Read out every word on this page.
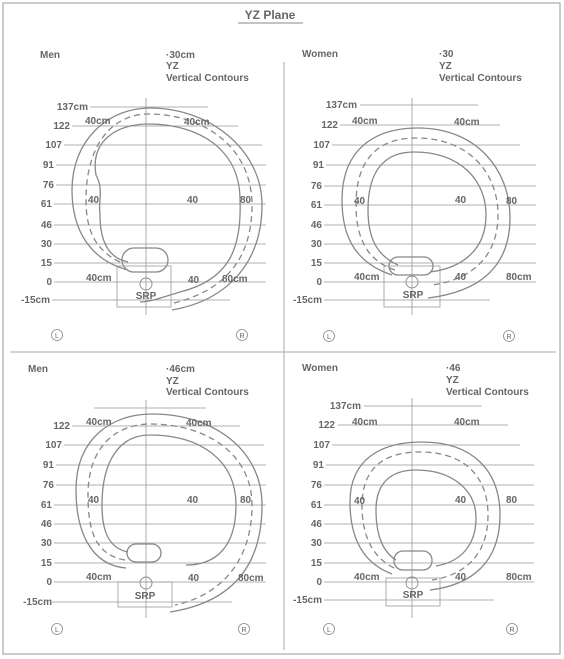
YZ Plane
Men	·30cm
YZ
Vertical Contours
137cm
122
107
91
76
61
46
30
15
0
-15cm	SRP
40cm	40cm
40	40	80
40cm	40 80cm
L	R
Women	·30
YZ
Vertical Contours
137cm
122
107
91
76
61
46
30
15
0
-15cm	SRP
40cm	40cm
40	40	80
40cm	40	80cm
L	R
Men	·46cm
YZ
Vertical Contours
122
107
91
76
61
46
30
15
0
-15cm
SRP
40cm	40cm
40	40	80
40cm	40	80cm
L	R
Women	·46
YZ
Vertical Contours
137cm
122
107
91
76
61
46
30
15
0
-15cm	SRP
40cm	40cm
40	40	80
40cm	40	80cm
L	R
